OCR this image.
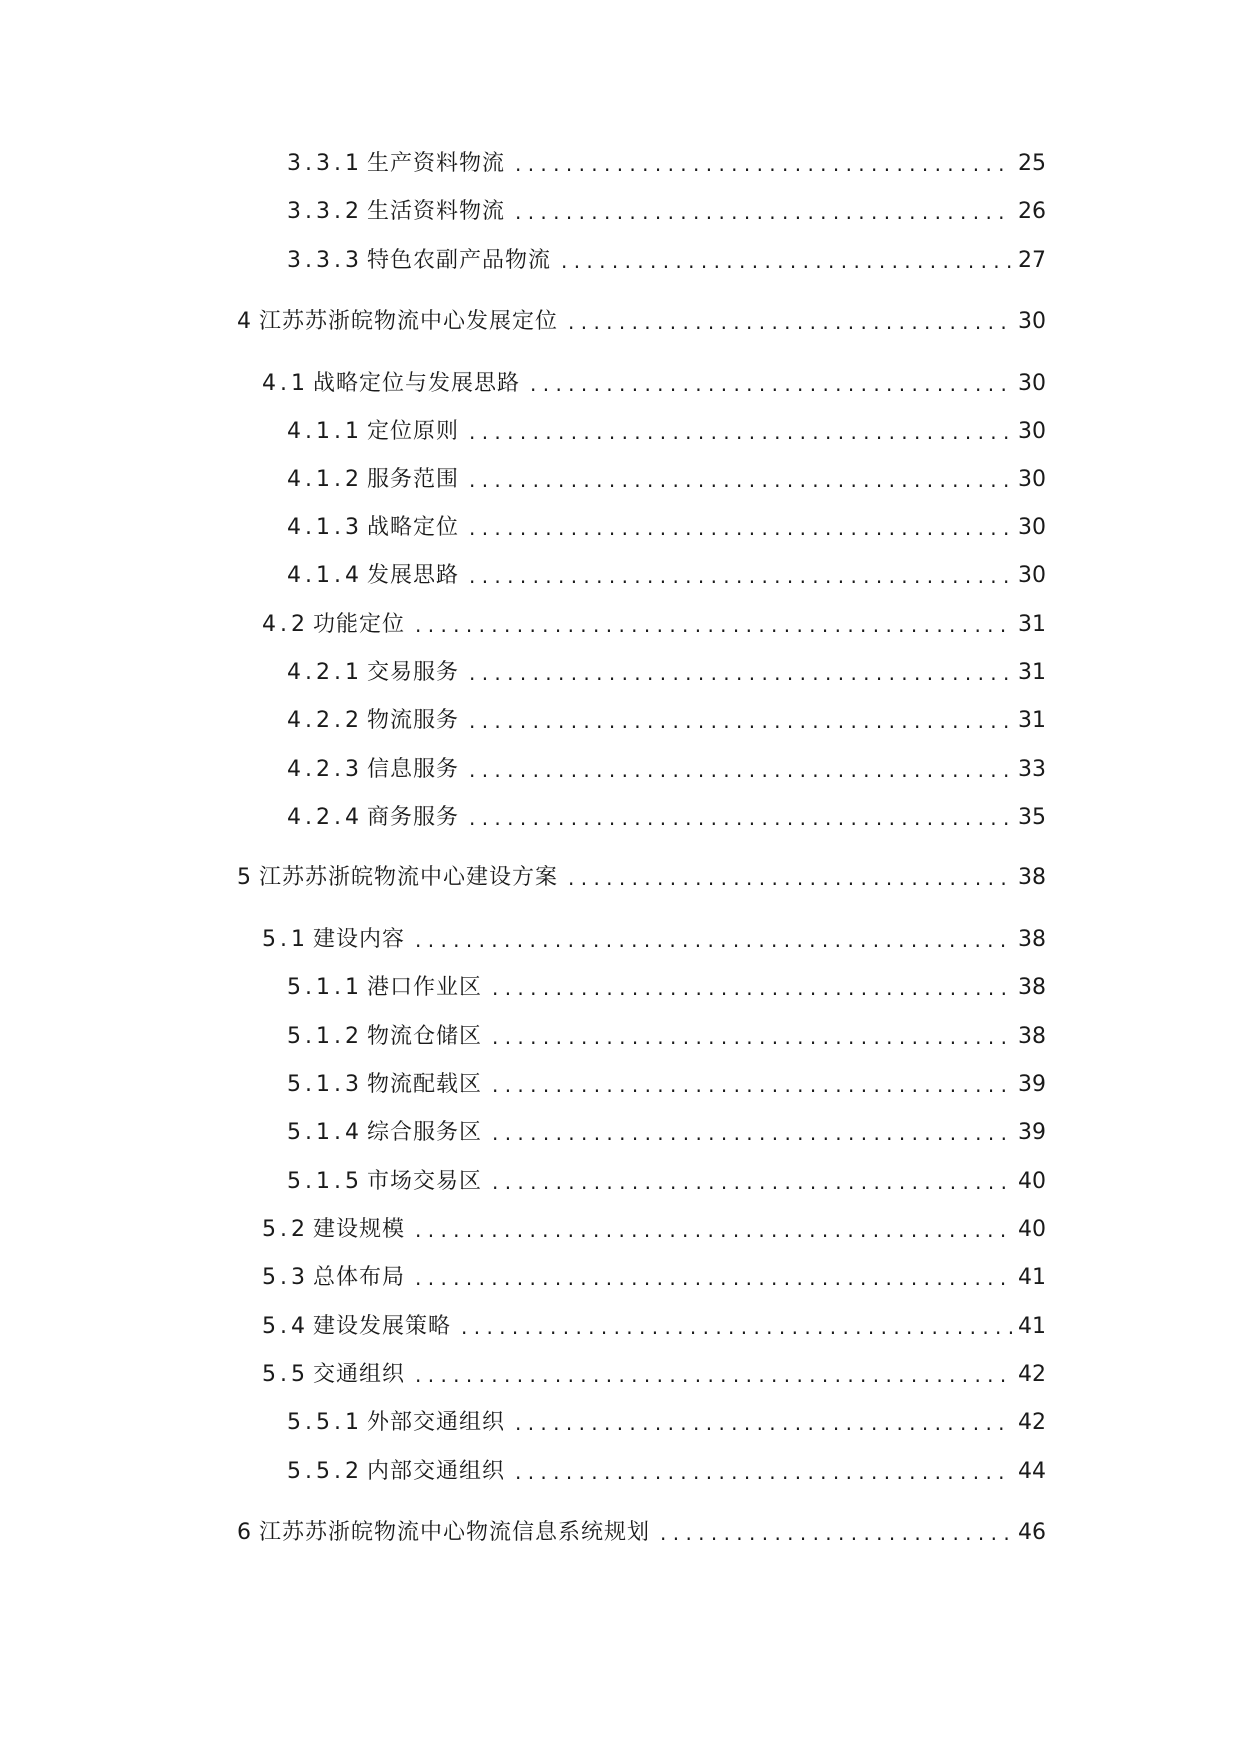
3.3.1 生产资料物流 . . .	25
3.3.2 生活资料物流 . . .	26
3.3.3 特色农副产品物流 . . .	27
4 江苏苏浙皖物流中心发展定位 . . .	30
4.1 战略定位与发展思路 . . .	30
4.1.1 定位原则 . . .	30
4.1.2 服务范围 . . .	30
4.1.3 战略定位 . . .	30
4.1.4 发展思路 . . .	30
4.2 功能定位 . . .	31
4.2.1 交易服务 . . .	31
4.2.2 物流服务 . . .	31
4.2.3 信息服务 . . .	33
4.2.4 商务服务 . . .	35
5 江苏苏浙皖物流中心建设方案 . . .	38
5.1 建设内容 . . .	38
5.1.1 港口作业区 . . .	38
5.1.2 物流仓储区 . . .	38
5.1.3 物流配载区 . . .	39
5.1.4 综合服务区 . . .	39
5.1.5 市场交易区 . . .	40
5.2 建设规模 . . .	40
5.3 总体布局 . . .	41
5.4 建设发展策略 . . .	41
5.5 交通组织 . . .	42
5.5.1 外部交通组织 . . .	42
5.5.2 内部交通组织 . . .	44
6 江苏苏浙皖物流中心物流信息系统规划 . . .	46
